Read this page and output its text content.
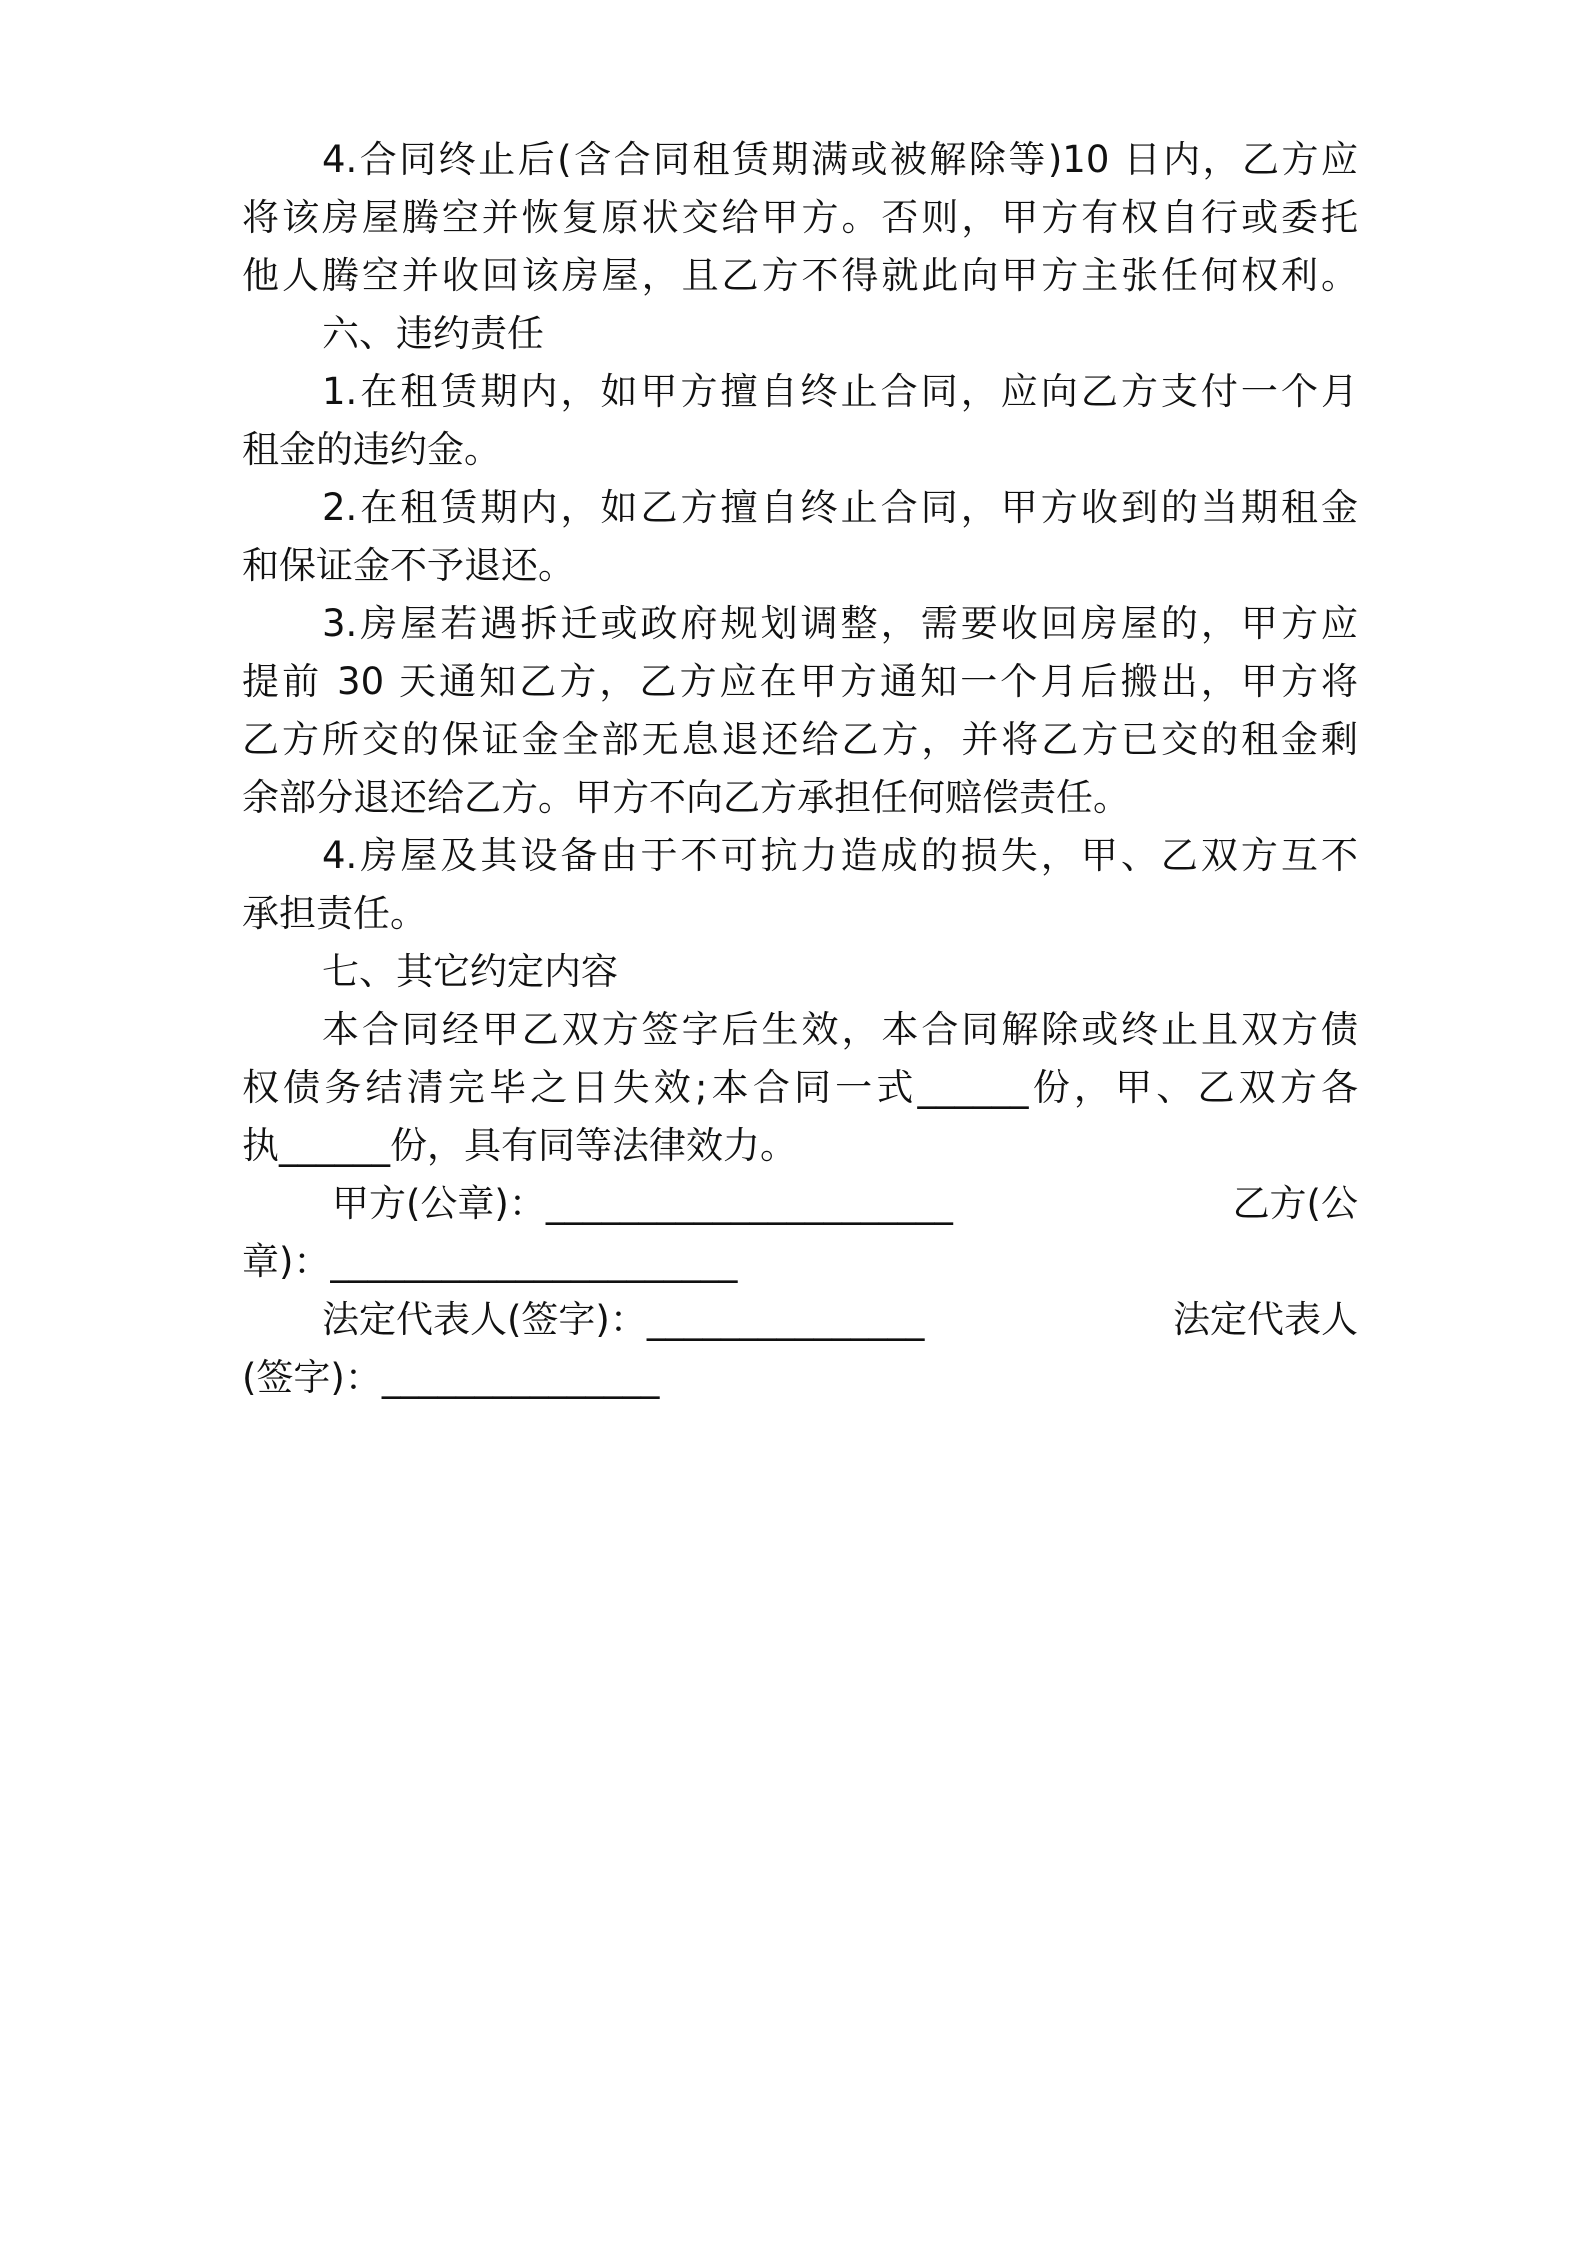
4.合同终止后(含合同租赁期满或被解除等)10 日内，乙方应
将该房屋腾空并恢复原状交给甲方。否则，甲方有权自行或委托
他人腾空并收回该房屋，且乙方不得就此向甲方主张任何权利。
六、违约责任
1.在租赁期内，如甲方擅自终止合同，应向乙方支付一个月
租金的违约金。
2.在租赁期内，如乙方擅自终止合同，甲方收到的当期租金
和保证金不予退还。
3.房屋若遇拆迁或政府规划调整，需要收回房屋的，甲方应
提前 30 天通知乙方，乙方应在甲方通知一个月后搬出，甲方将
乙方所交的保证金全部无息退还给乙方，并将乙方已交的租金剩
余部分退还给乙方。甲方不向乙方承担任何赔偿责任。
4.房屋及其设备由于不可抗力造成的损失，甲、乙双方互不
承担责任。
七、其它约定内容
本合同经甲乙双方签字后生效，本合同解除或终止且双方债
权债务结清完毕之日失效;本合同一式______份，甲、乙双方各
执______份，具有同等法律效力。
甲方(公章)：______________________	乙方(公
章)：______________________
法定代表人(签字)：_______________	法定代表人
(签字)：_______________
